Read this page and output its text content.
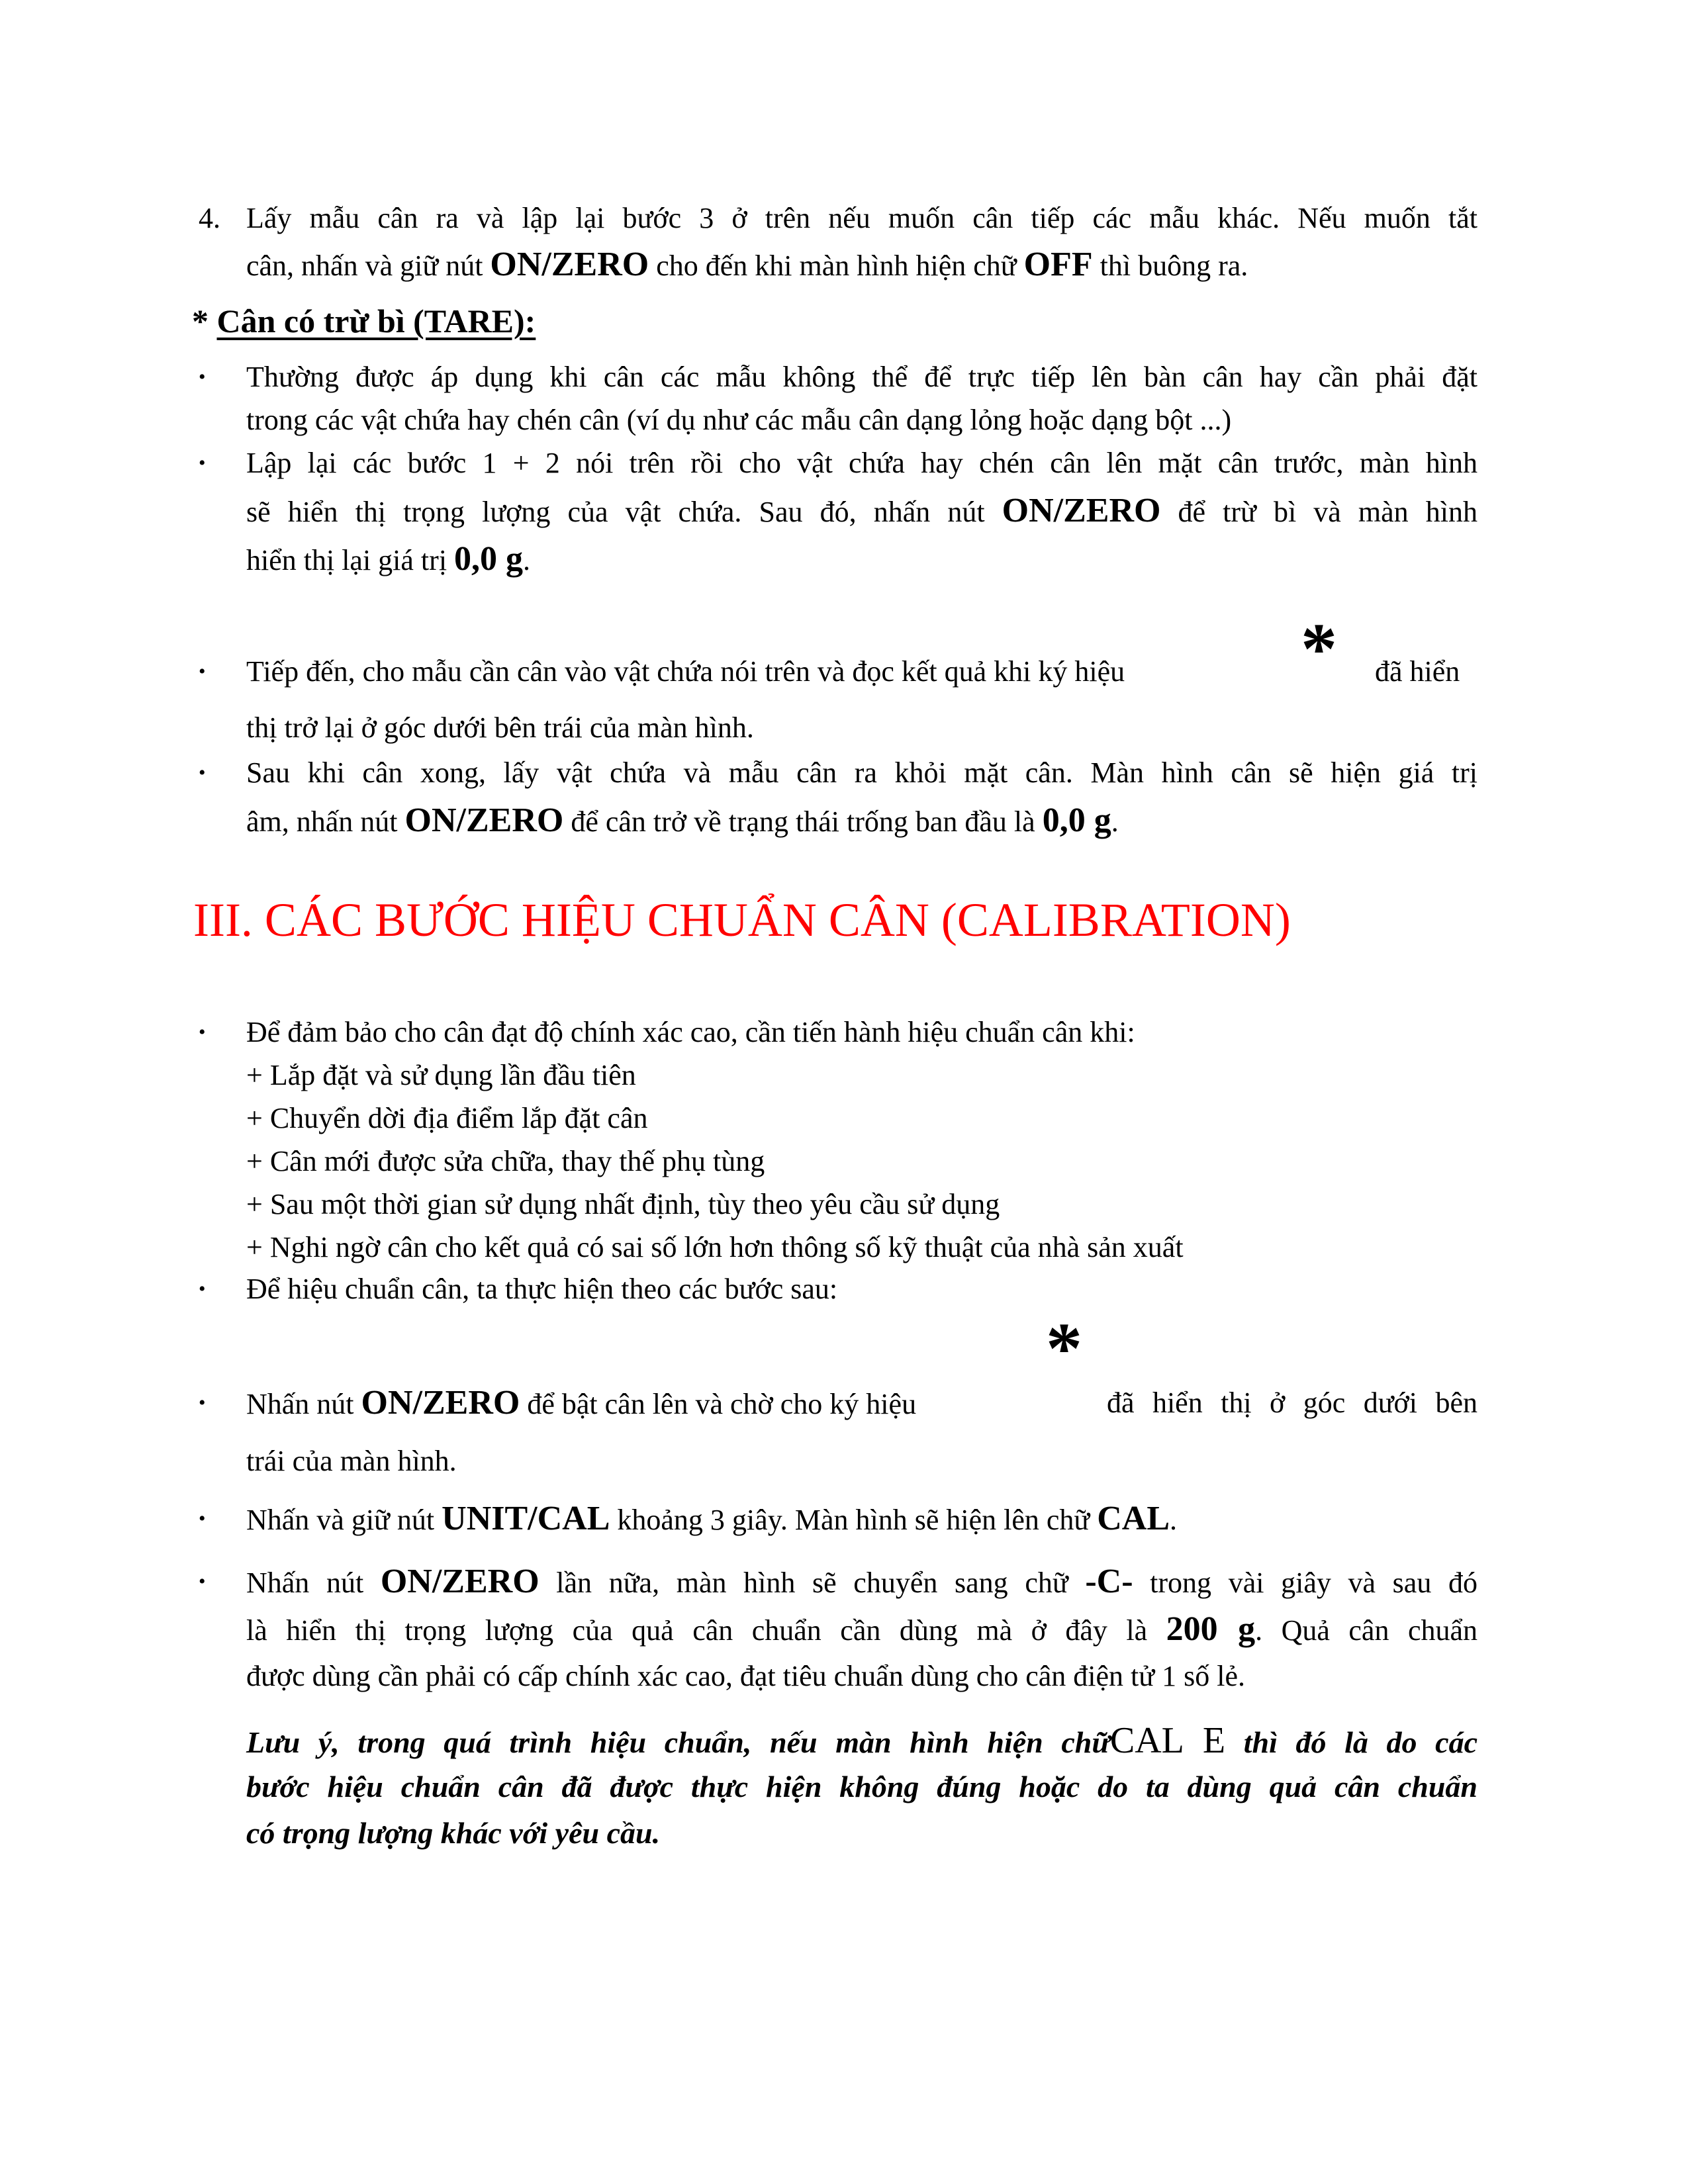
4. Lấy mẫu cân ra và lập lại bước 3 ở trên nếu muốn cân tiếp các mẫu khác. Nếu muốn tắt
cân, nhấn và giữ nút ON/ZERO cho đến khi màn hình hiện chữ OFF thì buông ra.
* Cân có trừ bì (TARE):
• Thường được áp dụng khi cân các mẫu không thể để trực tiếp lên bàn cân hay cần phải đặt
trong các vật chứa hay chén cân (ví dụ như các mẫu cân dạng lỏng hoặc dạng bột ...)
• Lập lại các bước 1 + 2 nói trên rồi cho vật chứa hay chén cân lên mặt cân trước, màn hình
sẽ hiển thị trọng lượng của vật chứa. Sau đó, nhấn nút ON/ZERO để trừ bì và màn hình
hiển thị lại giá trị 0,0 g.
• Tiếp đến, cho mẫu cần cân vào vật chứa nói trên và đọc kết quả khi ký hiệu	* đã hiển
thị trở lại ở góc dưới bên trái của màn hình.
• Sau khi cân xong, lấy vật chứa và mẫu cân ra khỏi mặt cân. Màn hình cân sẽ hiện giá trị
âm, nhấn nút ON/ZERO để cân trở về trạng thái trống ban đầu là 0,0 g.
III. CÁC BƯỚC HIỆU CHUẨN CÂN (CALIBRATION)
• Để đảm bảo cho cân đạt độ chính xác cao, cần tiến hành hiệu chuẩn cân khi:
+ Lắp đặt và sử dụng lần đầu tiên
+ Chuyển dời địa điểm lắp đặt cân
+ Cân mới được sửa chữa, thay thế phụ tùng
+ Sau một thời gian sử dụng nhất định, tùy theo yêu cầu sử dụng
+ Nghi ngờ cân cho kết quả có sai số lớn hơn thông số kỹ thuật của nhà sản xuất
• Để hiệu chuẩn cân, ta thực hiện theo các bước sau:
• Nhấn nút ON/ZERO để bật cân lên và chờ cho ký hiệu
*
đã hiển thị ở góc dưới bên
trái của màn hình.
• Nhấn và giữ nút UNIT/CAL khoảng 3 giây. Màn hình sẽ hiện lên chữ CAL.
• Nhấn nút ON/ZERO lần nữa, màn hình sẽ chuyển sang chữ -C- trong vài giây và sau đó
là hiển thị trọng lượng của quả cân chuẩn cần dùng mà ở đây là 200 g. Quả cân chuẩn
được dùng cần phải có cấp chính xác cao, đạt tiêu chuẩn dùng cho cân điện tử 1 số lẻ.
Lưu ý, trong quá trình hiệu chuẩn, nếu màn hình hiện chữCAL E thì đó là do các
bước hiệu chuẩn cân đã được thực hiện không đúng hoặc do ta dùng quả cân chuẩn
có trọng lượng khác với yêu cầu.
